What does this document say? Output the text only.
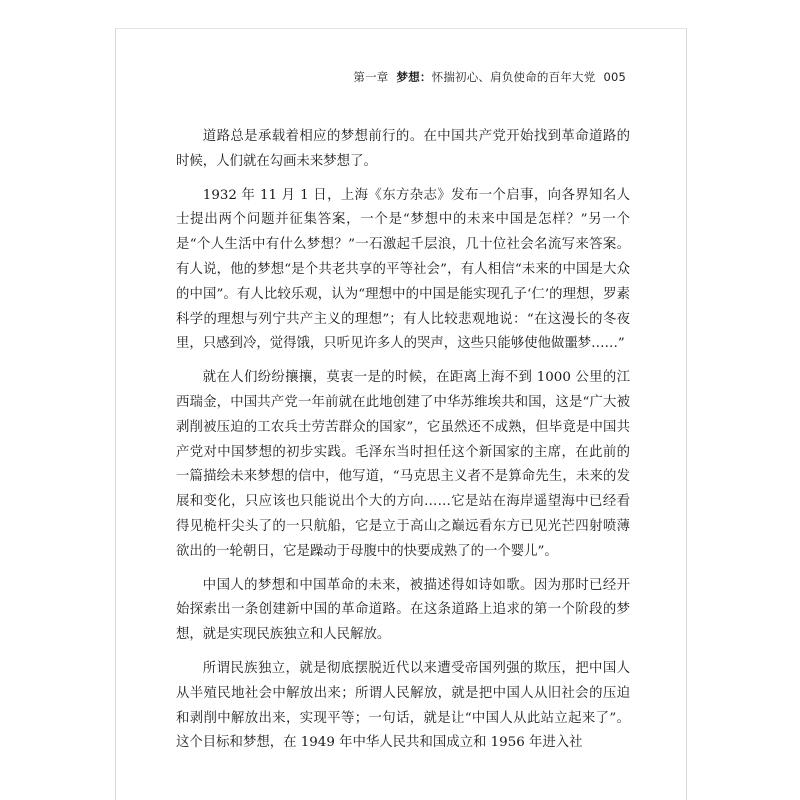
第一章 梦想：怀揣初心、肩负使命的百年大党 005

道路总是承载着相应的梦想前行的。在中国共产党开始找到革命道路的时候，人们就在勾画未来梦想了。

1932 年 11 月 1 日，上海《东方杂志》发布一个启事，向各界知名人士提出两个问题并征集答案，一个是“梦想中的未来中国是怎样？”另一个是“个人生活中有什么梦想？”一石激起千层浪，几十位社会名流写来答案。有人说，他的梦想“是个共老共享的平等社会”，有人相信“未来的中国是大众的中国”。有人比较乐观，认为“理想中的中国是能实现孔子‘仁’的理想，罗素科学的理想与列宁共产主义的理想”；有人比较悲观地说：“在这漫长的冬夜里，只感到冷，觉得饿，只听见许多人的哭声，这些只能够使他做噩梦……”

就在人们纷纷攘攘，莫衷一是的时候，在距离上海不到 1000 公里的江西瑞金，中国共产党一年前就在此地创建了中华苏维埃共和国，这是“广大被剥削被压迫的工农兵士劳苦群众的国家”，它虽然还不成熟，但毕竟是中国共产党对中国梦想的初步实践。毛泽东当时担任这个新国家的主席，在此前的一篇描绘未来梦想的信中，他写道，“马克思主义者不是算命先生，未来的发展和变化，只应该也只能说出个大的方向……它是站在海岸遥望海中已经看得见桅杆尖头了的一只航船，它是立于高山之巅远看东方已见光芒四射喷薄欲出的一轮朝日，它是躁动于母腹中的快要成熟了的一个婴儿”。

中国人的梦想和中国革命的未来，被描述得如诗如歌。因为那时已经开始探索出一条创建新中国的革命道路。在这条道路上追求的第一个阶段的梦想，就是实现民族独立和人民解放。

所谓民族独立，就是彻底摆脱近代以来遭受帝国列强的欺压，把中国人从半殖民地社会中解放出来；所谓人民解放，就是把中国人从旧社会的压迫和剥削中解放出来，实现平等；一句话，就是让“中国人从此站立起来了”。这个目标和梦想，在 1949 年中华人民共和国成立和 1956 年进入社
